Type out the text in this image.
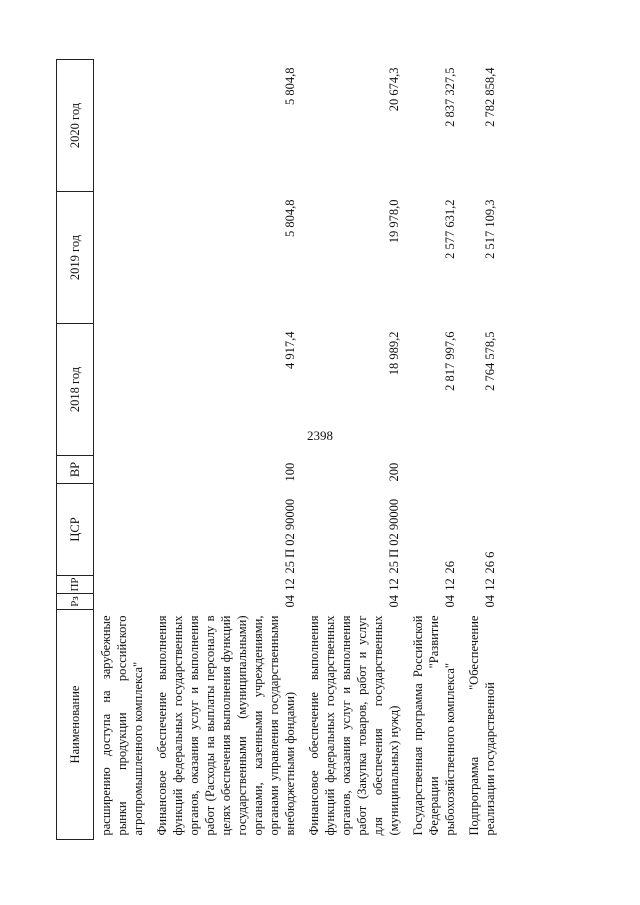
2398
Наименование	Рз	ПР	ЦСР	ВР	2018 год	2019 год	2020 год
расширению доступа на зарубежные рынки продукции российского агропромышленного комплекса"							
Финансовое обеспечение выполнения функций федеральных государственных органов, оказания услуг и выполнения работ (Расходы на выплаты персоналу в целях обеспечения выполнения функций государственными (муниципальными) органами, казенными учреждениями, органами управления государственными внебюджетными фондами)	04	12	25 П 02 90000	100	4 917,4	5 804,8	5 804,8
Финансовое обеспечение выполнения функций федеральных государственных органов, оказания услуг и выполнения работ (Закупка товаров, работ и услуг для обеспечения государственных (муниципальных) нужд)	04	12	25 П 02 90000	200	18 989,2	19 978,0	20 674,3
Государственная программа Российской Федерации "Развитие рыбохозяйственного комплекса"	04	12	26		2 817 997,6	2 577 631,2	2 837 327,5
Подпрограмма "Обеспечение реализации государственной	04	12	26 6		2 764 578,5	2 517 109,3	2 782 858,4
